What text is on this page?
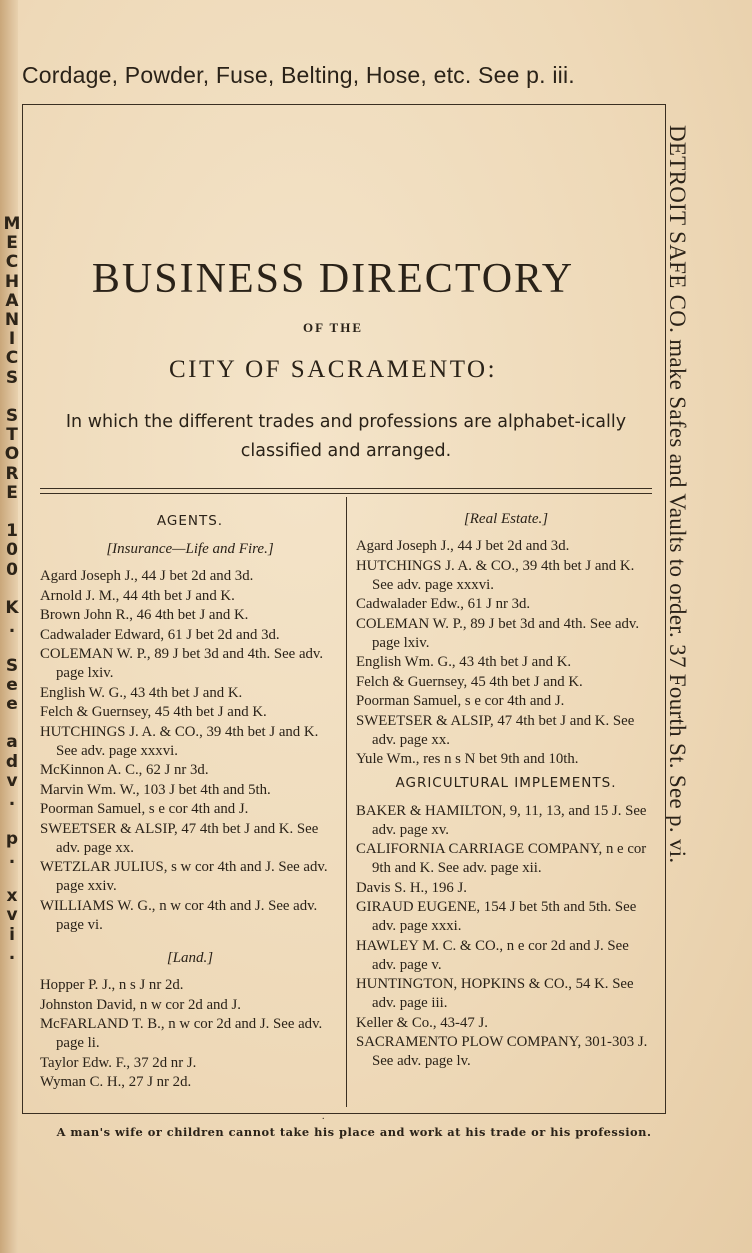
Cordage, Powder, Fuse, Belting, Hose, etc. See p. iii.
M
E
C
H
A
N
I
C
S

S
T
O
R
E

1
0
0

K
.

S
e
e

a
d
v
.

p
.

x
v
i
.
DETROIT SAFE CO. make Safes and Vaults to order. 37 Fourth St. See p. vi.
BUSINESS DIRECTORY
OF THE
CITY OF SACRAMENTO:
In which the different trades and professions are alphabet-ically classified and arranged.
AGENTS.
[Insurance—Life and Fire.]
Agard Joseph J., 44 J bet 2d and 3d.
Arnold J. M., 44 4th bet J and K.
Brown John R., 46 4th bet J and K.
Cadwalader Edward, 61 J bet 2d and 3d.
COLEMAN W. P., 89 J bet 3d and 4th. See adv. page lxiv.
English W. G., 43 4th bet J and K.
Felch & Guernsey, 45 4th bet J and K.
HUTCHINGS J. A. & CO., 39 4th bet J and K. See adv. page xxxvi.
McKinnon A. C., 62 J nr 3d.
Marvin Wm. W., 103 J bet 4th and 5th.
Poorman Samuel, s e cor 4th and J.
SWEETSER & ALSIP, 47 4th bet J and K. See adv. page xx.
WETZLAR JULIUS, s w cor 4th and J. See adv. page xxiv.
WILLIAMS W. G., n w cor 4th and J. See adv. page vi.
[Land.]
Hopper P. J., n s J nr 2d.
Johnston David, n w cor 2d and J.
McFARLAND T. B., n w cor 2d and J. See adv. page li.
Taylor Edw. F., 37 2d nr J.
Wyman C. H., 27 J nr 2d.
[Real Estate.]
Agard Joseph J., 44 J bet 2d and 3d.
HUTCHINGS J. A. & CO., 39 4th bet J and K. See adv. page xxxvi.
Cadwalader Edw., 61 J nr 3d.
COLEMAN W. P., 89 J bet 3d and 4th. See adv. page lxiv.
English Wm. G., 43 4th bet J and K.
Felch & Guernsey, 45 4th bet J and K.
Poorman Samuel, s e cor 4th and J.
SWEETSER & ALSIP, 47 4th bet J and K. See adv. page xx.
Yule Wm., res n s N bet 9th and 10th.
AGRICULTURAL IMPLEMENTS.
BAKER & HAMILTON, 9, 11, 13, and 15 J. See adv. page xv.
CALIFORNIA CARRIAGE COMPANY, n e cor 9th and K. See adv. page xii.
Davis S. H., 196 J.
GIRAUD EUGENE, 154 J bet 5th and 5th. See adv. page xxxi.
HAWLEY M. C. & CO., n e cor 2d and J. See adv. page v.
HUNTINGTON, HOPKINS & CO., 54 K. See adv. page iii.
Keller & Co., 43-47 J.
SACRAMENTO PLOW COMPANY, 301-303 J. See adv. page lv.
.
A man's wife or children cannot take his place and work at his trade or his profession.
